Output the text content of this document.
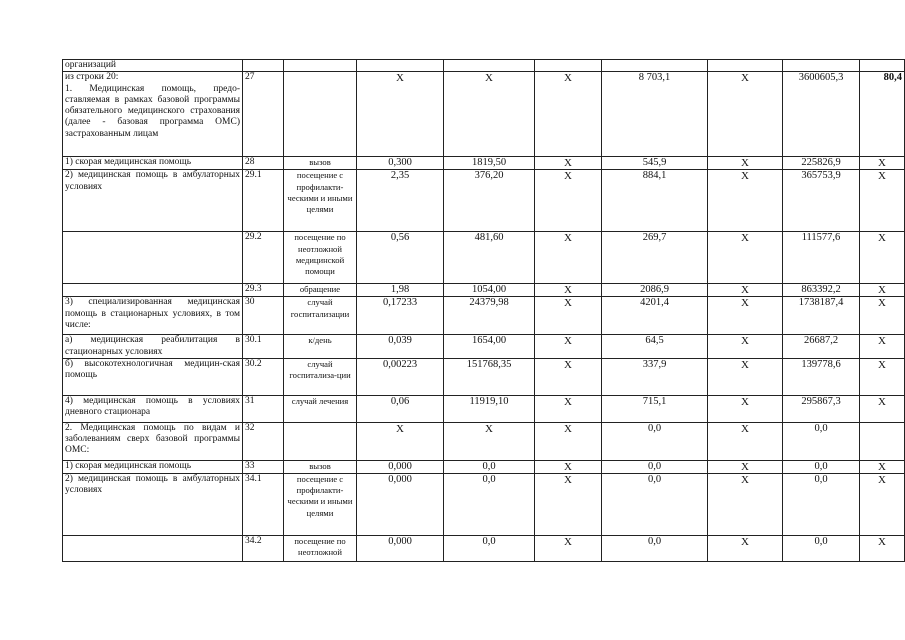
организаций									
из строки 20:
1. Медицинская помощь, предо-ставляемая в рамках базовой программы обязательного медицинского страхования (далее - базовая программа ОМС) застрахованным лицам	27		X	X	X	8 703,1	X	3600605,3	80,4
1) скорая медицинская помощь	28	вызов	0,300	1819,50	X	545,9	X	225826,9	X
2) медицинская помощь в амбулаторных условиях	29.1	посещение с профилакти-ческими и иными целями	2,35	376,20	X	884,1	X	365753,9	X
	29.2	посещение по неотложной медицинской помощи	0,56	481,60	X	269,7	X	111577,6	X
	29.3	обращение	1,98	1054,00	X	2086,9	X	863392,2	X
3) специализированная медицинская помощь в стационарных условиях, в том числе:	30	случай госпитализации	0,17233	24379,98	X	4201,4	X	1738187,4	X
а) медицинская реабилитация в стационарных условиях	30.1	к/день	0,039	1654,00	X	64,5	X	26687,2	X
б) высокотехнологичная медицин-ская помощь	30.2	случай госпитализа-ции	0,00223	151768,35	X	337,9	X	139778,6	X
4) медицинская помощь в условиях дневного стационара	31	случай лечения	0,06	11919,10	X	715,1	X	295867,3	X
2. Медицинская помощь по видам и заболеваниям сверх базовой программы ОМС:	32		X	X	X	0,0	X	0,0	
1) скорая медицинская помощь	33	вызов	0,000	0,0	X	0,0	X	0,0	X
2) медицинская помощь в амбулаторных условиях	34.1	посещение с профилакти-ческими и иными целями	0,000	0,0	X	0,0	X	0,0	X
	34.2	посещение по неотложной	0,000	0,0	X	0,0	X	0,0	X
